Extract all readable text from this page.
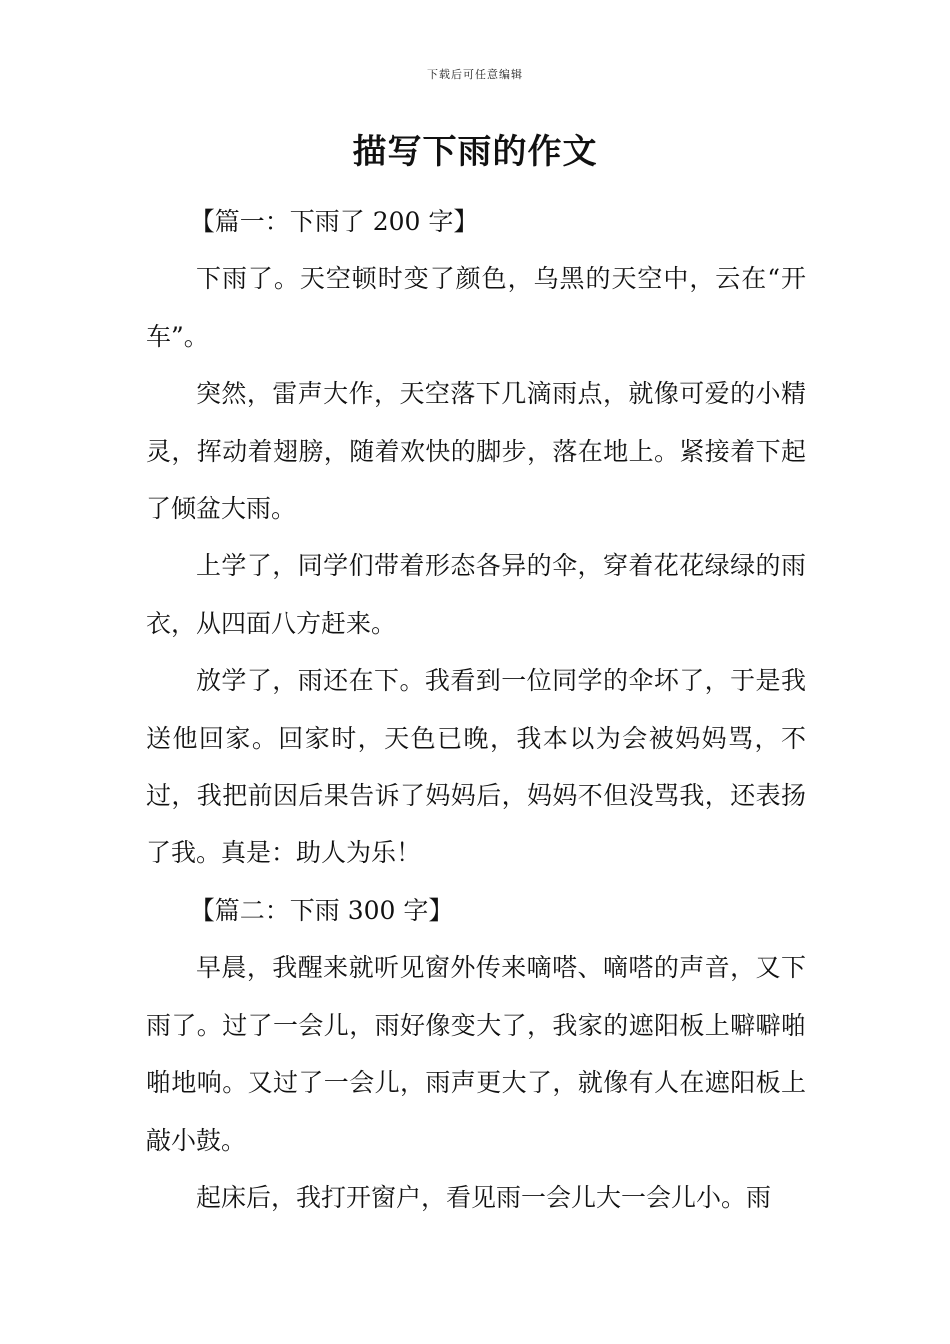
下载后可任意编辑
描写下雨的作文

【篇一：下雨了 200 字】

下雨了。天空顿时变了颜色，乌黑的天空中，云在“开车”。

突然，雷声大作，天空落下几滴雨点，就像可爱的小精灵，挥动着翅膀，随着欢快的脚步，落在地上。紧接着下起了倾盆大雨。

上学了，同学们带着形态各异的伞，穿着花花绿绿的雨衣，从四面八方赶来。

放学了，雨还在下。我看到一位同学的伞坏了，于是我送他回家。回家时，天色已晚，我本以为会被妈妈骂，不过，我把前因后果告诉了妈妈后，妈妈不但没骂我，还表扬了我。真是：助人为乐！

【篇二：下雨 300 字】

早晨，我醒来就听见窗外传来嘀嗒、嘀嗒的声音，又下雨了。过了一会儿，雨好像变大了，我家的遮阳板上噼噼啪啪地响。又过了一会儿，雨声更大了，就像有人在遮阳板上敲小鼓。

起床后，我打开窗户，看见雨一会儿大一会儿小。雨
